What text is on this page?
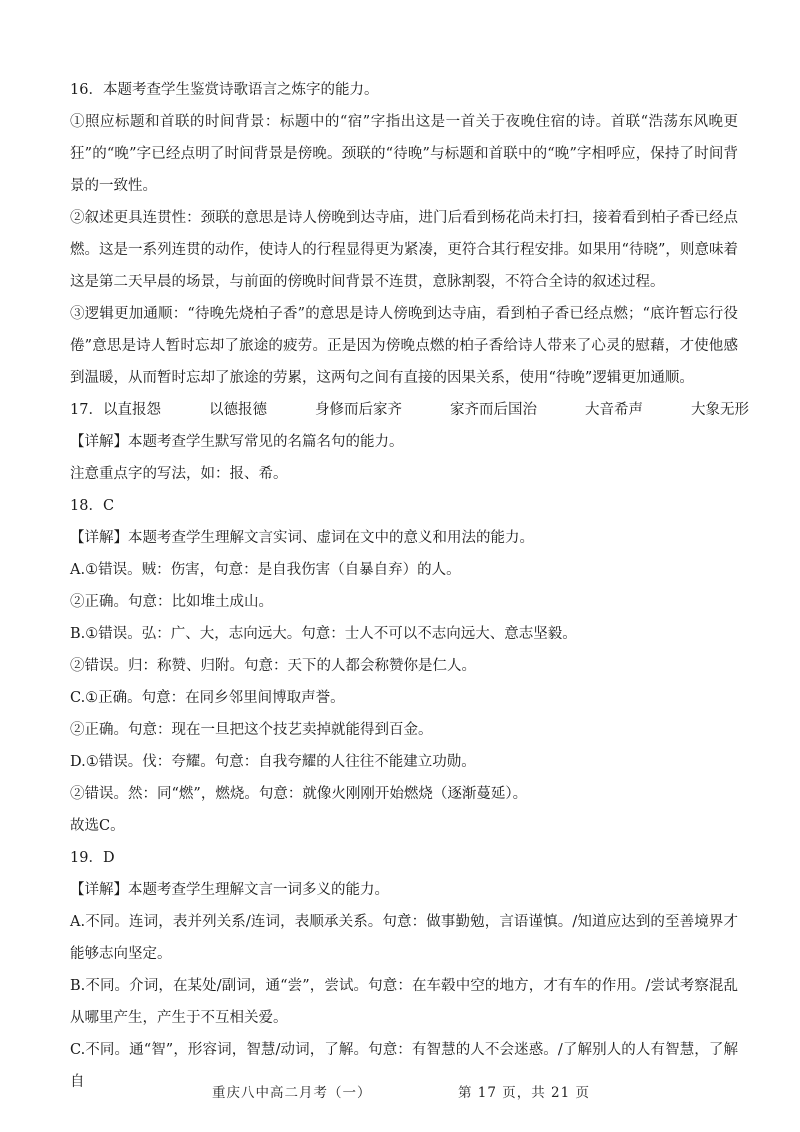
16．本题考查学生鉴赏诗歌语言之炼字的能力。

①照应标题和首联的时间背景：标题中的“宿”字指出这是一首关于夜晚住宿的诗。首联“浩荡东风晚更狂”的“晚”字已经点明了时间背景是傍晚。颈联的“待晚”与标题和首联中的“晚”字相呼应，保持了时间背景的一致性。

②叙述更具连贯性：颈联的意思是诗人傍晚到达寺庙，进门后看到杨花尚未打扫，接着看到柏子香已经点燃。这是一系列连贯的动作，使诗人的行程显得更为紧凑，更符合其行程安排。如果用“待晓”，则意味着这是第二天早晨的场景，与前面的傍晚时间背景不连贯，意脉割裂，不符合全诗的叙述过程。

③逻辑更加通顺：“待晚先烧柏子香”的意思是诗人傍晚到达寺庙，看到柏子香已经点燃；“底许暂忘行役倦”意思是诗人暂时忘却了旅途的疲劳。正是因为傍晚点燃的柏子香给诗人带来了心灵的慰藉，才使他感到温暖，从而暂时忘却了旅途的劳累，这两句之间有直接的因果关系，使用“待晚”逻辑更加通顺。

17． 以直报怨	以德报德	身修而后家齐	家齐而后国治	大音希声	大象无形

【详解】本题考查学生默写常见的名篇名句的能力。

注意重点字的写法，如：报、希。

18．C

【详解】本题考查学生理解文言实词、虚词在文中的意义和用法的能力。

A.①错误。贼：伤害，句意：是自我伤害（自暴自弃）的人。

②正确。句意：比如堆土成山。

B.①错误。弘：广、大，志向远大。句意：士人不可以不志向远大、意志坚毅。

②错误。归：称赞、归附。句意：天下的人都会称赞你是仁人。

C.①正确。句意：在同乡邻里间博取声誉。

②正确。句意：现在一旦把这个技艺卖掉就能得到百金。

D.①错误。伐：夸耀。句意：自我夸耀的人往往不能建立功勋。

②错误。然：同“燃”，燃烧。句意：就像火刚刚开始燃烧（逐渐蔓延）。

故选C。

19．D

【详解】本题考查学生理解文言一词多义的能力。

A.不同。连词，表并列关系/连词，表顺承关系。句意：做事勤勉，言语谨慎。/知道应达到的至善境界才能够志向坚定。

B.不同。介词，在某处/副词，通“尝”，尝试。句意：在车毂中空的地方，才有车的作用。/尝试考察混乱从哪里产生，产生于不互相关爱。

C.不同。通“智”，形容词，智慧/动词，了解。句意：有智慧的人不会迷惑。/了解别人的人有智慧，了解自

重庆八中高二月考（一）	第 17 页，共 21 页
